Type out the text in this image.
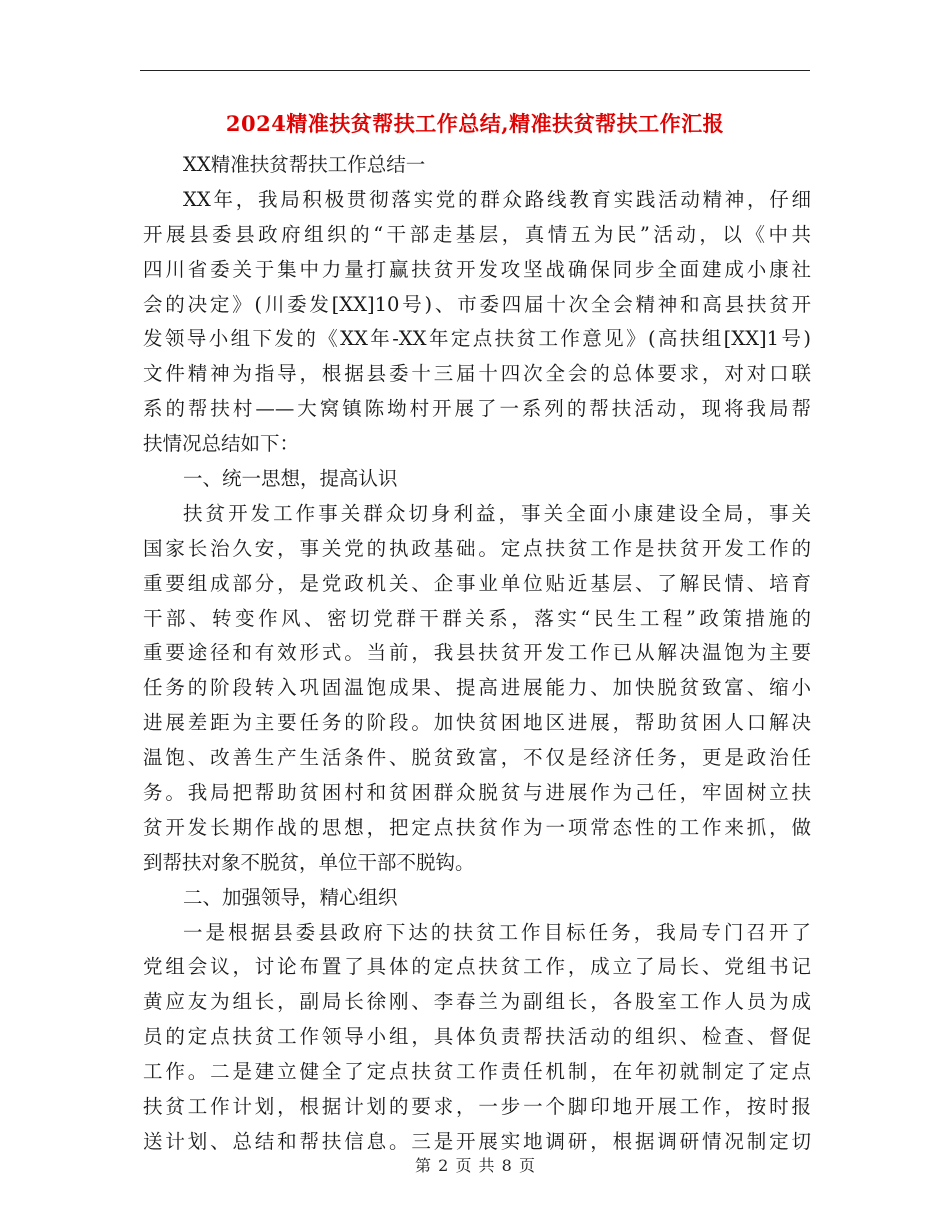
2024精准扶贫帮扶工作总结,精准扶贫帮扶工作汇报
XX精准扶贫帮扶工作总结一
XX年，我局积极贯彻落实党的群众路线教育实践活动精神，仔细
开展县委县政府组织的“干部走基层，真情五为民”活动，以《中共
四川省委关于集中力量打赢扶贫开发攻坚战确保同步全面建成小康社
会的决定》(川委发[XX]10号)、市委四届十次全会精神和高县扶贫开
发领导小组下发的《XX年-XX年定点扶贫工作意见》(高扶组[XX]1号)
文件精神为指导，根据县委十三届十四次全会的总体要求，对对口联
系的帮扶村——大窝镇陈坳村开展了一系列的帮扶活动，现将我局帮
扶情况总结如下：
一、统一思想，提高认识
扶贫开发工作事关群众切身利益，事关全面小康建设全局，事关
国家长治久安，事关党的执政基础。定点扶贫工作是扶贫开发工作的
重要组成部分，是党政机关、企事业单位贴近基层、了解民情、培育
干部、转变作风、密切党群干群关系，落实“民生工程”政策措施的
重要途径和有效形式。当前，我县扶贫开发工作已从解决温饱为主要
任务的阶段转入巩固温饱成果、提高进展能力、加快脱贫致富、缩小
进展差距为主要任务的阶段。加快贫困地区进展，帮助贫困人口解决
温饱、改善生产生活条件、脱贫致富，不仅是经济任务，更是政治任
务。我局把帮助贫困村和贫困群众脱贫与进展作为己任，牢固树立扶
贫开发长期作战的思想，把定点扶贫作为一项常态性的工作来抓，做
到帮扶对象不脱贫，单位干部不脱钩。
二、加强领导，精心组织
一是根据县委县政府下达的扶贫工作目标任务，我局专门召开了
党组会议，讨论布置了具体的定点扶贫工作，成立了局长、党组书记
黄应友为组长，副局长徐刚、李春兰为副组长，各股室工作人员为成
员的定点扶贫工作领导小组，具体负责帮扶活动的组织、检查、督促
工作。二是建立健全了定点扶贫工作责任机制，在年初就制定了定点
扶贫工作计划，根据计划的要求，一步一个脚印地开展工作，按时报
送计划、总结和帮扶信息。三是开展实地调研，根据调研情况制定切
第 2 页 共 8 页
